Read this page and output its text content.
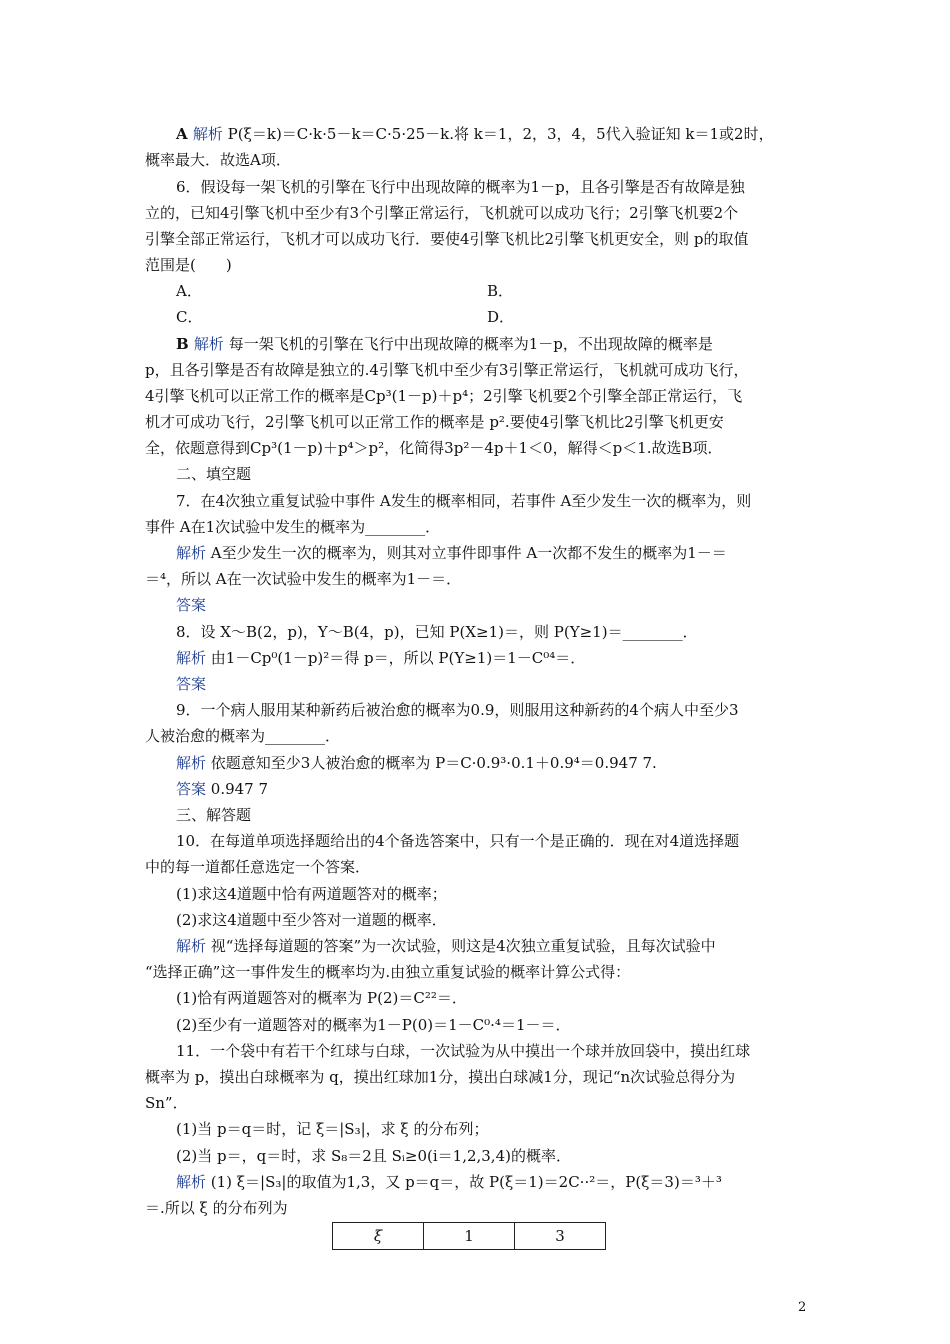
A 解析 P(ξ＝k)＝C·k·5－k＝C·5·25－k.将 k＝1，2，3，4，5代入验证知 k＝1或2时，
概率最大．故选A项．
6．假设每一架飞机的引擎在飞行中出现故障的概率为1－p，且各引擎是否有故障是独
立的，已知4引擎飞机中至少有3个引擎正常运行，飞机就可以成功飞行；2引擎飞机要2个
引擎全部正常运行，飞机才可以成功飞行．要使4引擎飞机比2引擎飞机更安全，则 p的取值
范围是(　　)
A．	B．
C．	D．
B 解析 每一架飞机的引擎在飞行中出现故障的概率为1－p，不出现故障的概率是
p，且各引擎是否有故障是独立的.4引擎飞机中至少有3引擎正常运行，飞机就可成功飞行，
4引擎飞机可以正常工作的概率是Cp³(1－p)＋p⁴；2引擎飞机要2个引擎全部正常运行，飞
机才可成功飞行，2引擎飞机可以正常工作的概率是 p².要使4引擎飞机比2引擎飞机更安
全，依题意得到Cp³(1－p)＋p⁴＞p²，化简得3p²－4p＋1＜0，解得＜p＜1.故选B项．
二、填空题
7．在4次独立重复试验中事件 A发生的概率相同，若事件 A至少发生一次的概率为，则
事件 A在1次试验中发生的概率为________．
解析 A至少发生一次的概率为，则其对立事件即事件 A一次都不发生的概率为1－＝
＝⁴，所以 A在一次试验中发生的概率为1－＝．
答案
8．设 X～B(2，p)，Y～B(4，p)，已知 P(X≥1)＝，则 P(Y≥1)＝________．
解析 由1－Cp⁰(1－p)²＝得 p＝，所以 P(Y≥1)＝1－C⁰⁴＝．
答案
9．一个病人服用某种新药后被治愈的概率为0.9，则服用这种新药的4个病人中至少3
人被治愈的概率为________．
解析 依题意知至少3人被治愈的概率为 P＝C·0.9³·0.1＋0.9⁴＝0.947 7.
答案 0.947 7
三、解答题
10．在每道单项选择题给出的4个备选答案中，只有一个是正确的．现在对4道选择题
中的每一道都任意选定一个答案．
(1)求这4道题中恰有两道题答对的概率；
(2)求这4道题中至少答对一道题的概率．
解析 视“选择每道题的答案”为一次试验，则这是4次独立重复试验，且每次试验中
“选择正确”这一事件发生的概率均为.由独立重复试验的概率计算公式得：
(1)恰有两道题答对的概率为 P(2)＝C²²＝．
(2)至少有一道题答对的概率为1－P(0)＝1－C⁰·⁴＝1－＝．
11．一个袋中有若干个红球与白球，一次试验为从中摸出一个球并放回袋中，摸出红球
概率为 p，摸出白球概率为 q，摸出红球加1分，摸出白球减1分，现记“n次试验总得分为
Sn”．
(1)当 p＝q＝时，记 ξ＝|S₃|，求 ξ 的分布列；
(2)当 p＝，q＝时，求 S₈＝2且 Sᵢ≥0(i＝1,2,3,4)的概率．
解析 (1) ξ＝|S₃|的取值为1,3，又 p＝q＝，故 P(ξ＝1)＝2C··²＝，P(ξ＝3)＝³＋³
＝.所以 ξ 的分布列为
ξ	1	3
2
